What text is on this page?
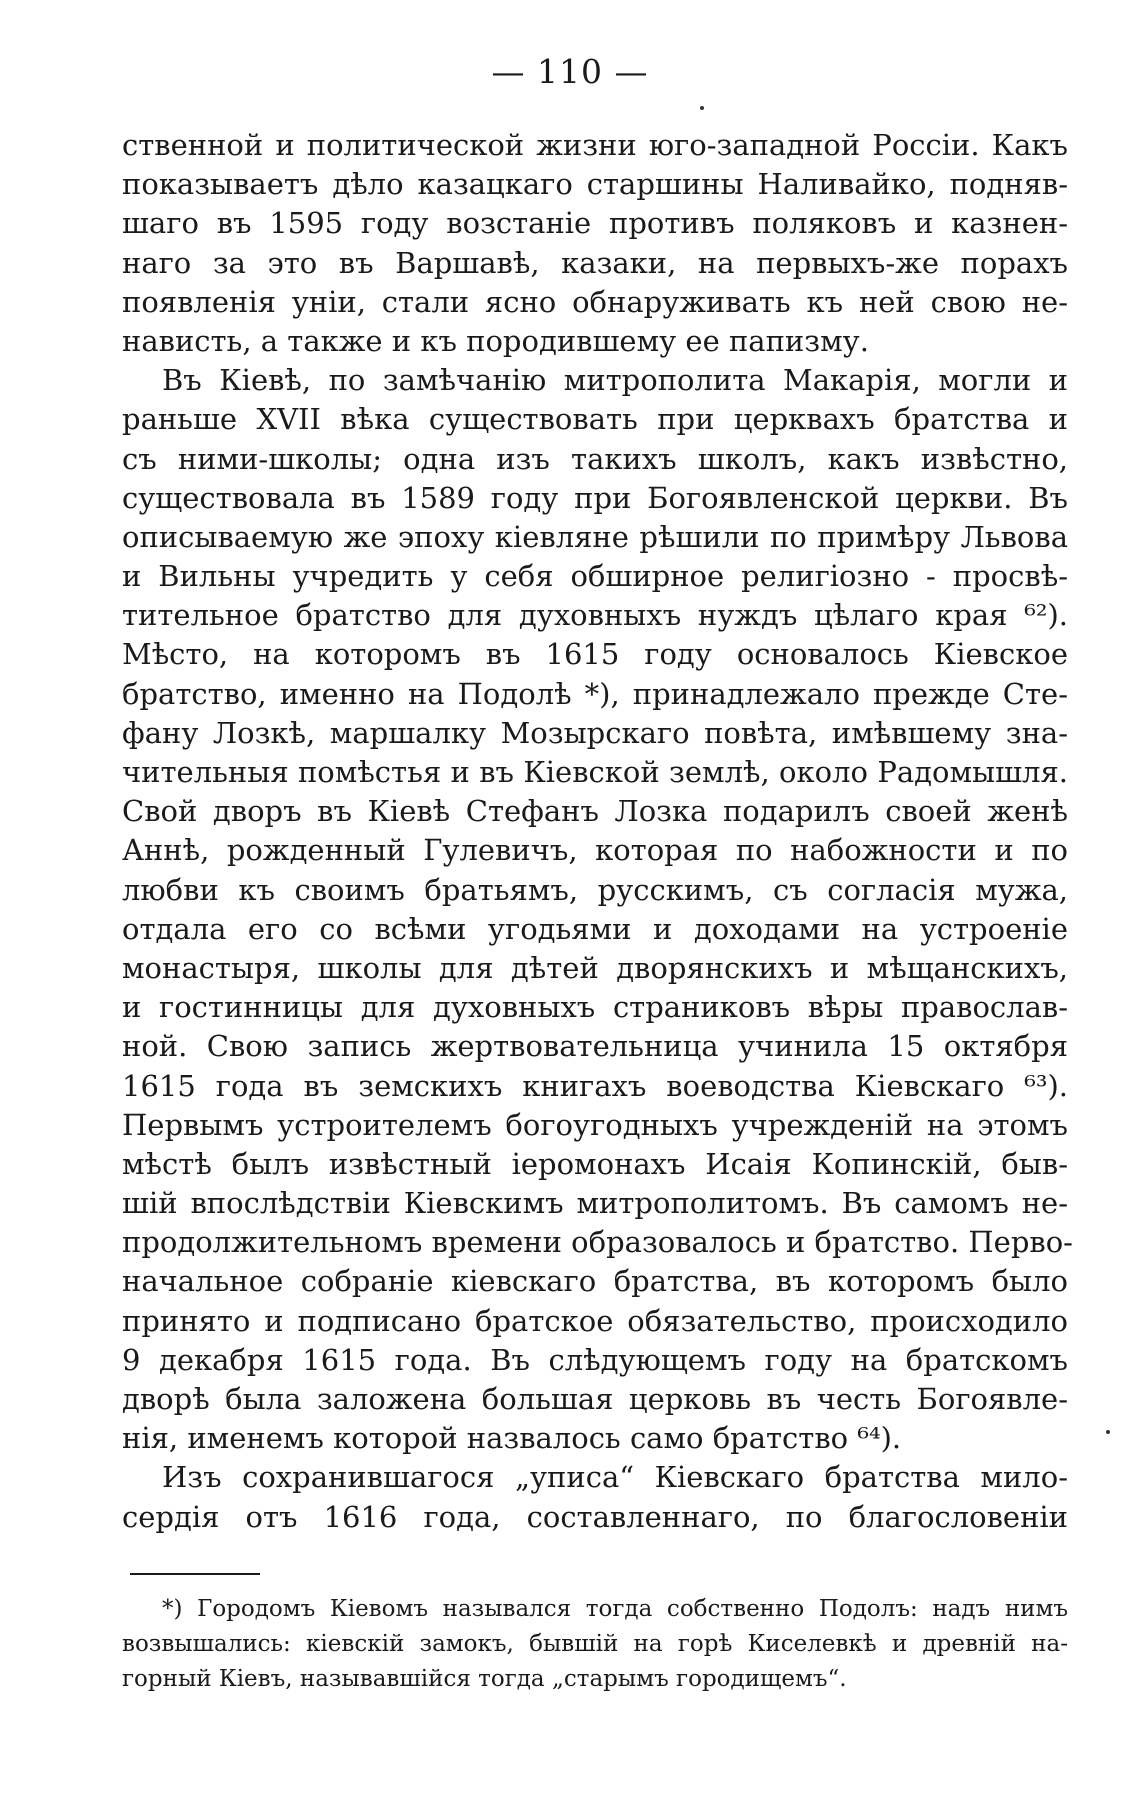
— 110 —
ственной и политической жизни юго-западной Россіи. Какъ
показываетъ дѣло казацкаго старшины Наливайко, подняв-
шаго въ 1595 году возстаніе противъ поляковъ и казнен-
наго за это въ Варшавѣ, казаки, на первыхъ-же порахъ
появленія уніи, стали ясно обнаруживать къ ней свою не-
нависть, а также и къ породившему ее папизму.
Въ Кіевѣ, по замѣчанію митрополита Макарія, могли и
раньше XVII вѣка существовать при церквахъ братства и
съ ними-школы; одна изъ такихъ школъ, какъ извѣстно,
существовала въ 1589 году при Богоявленской церкви. Въ
описываемую же эпоху кіевляне рѣшили по примѣру Львова
и Вильны учредить у себя обширное религіозно - просвѣ-
тительное братство для духовныхъ нуждъ цѣлаго края ⁶²).
Мѣсто, на которомъ въ 1615 году основалось Кіевское
братство, именно на Подолѣ *), принадлежало прежде Сте-
фану Лозкѣ, маршалку Мозырскаго повѣта, имѣвшему зна-
чительныя помѣстья и въ Кіевской землѣ, около Радомышля.
Свой дворъ въ Кіевѣ Стефанъ Лозка подарилъ своей женѣ
Аннѣ, рожденный Гулевичъ, которая по набожности и по
любви къ своимъ братьямъ, русскимъ, съ согласія мужа,
отдала его со всѣми угодьями и доходами на устроеніе
монастыря, школы для дѣтей дворянскихъ и мѣщанскихъ,
и гостинницы для духовныхъ страниковъ вѣры православ-
ной. Свою запись жертвовательница учинила 15 октября
1615 года въ земскихъ книгахъ воеводства Кіевскаго ⁶³).
Первымъ устроителемъ богоугодныхъ учрежденій на этомъ
мѣстѣ былъ извѣстный іеромонахъ Исаія Копинскій, быв-
шій впослѣдствіи Кіевскимъ митрополитомъ. Въ самомъ не-
продолжительномъ времени образовалось и братство. Перво-
начальное собраніе кіевскаго братства, въ которомъ было
принято и подписано братское обязательство, происходило
9 декабря 1615 года. Въ слѣдующемъ году на братскомъ
дворѣ была заложена большая церковь въ честь Богоявле-
нія, именемъ которой назвалось само братство ⁶⁴).
Изъ сохранившагося „уписа“ Кіевскаго братства мило-
сердія отъ 1616 года, составленнаго, по благословеніи
*) Городомъ Кіевомъ назывался тогда собственно Подолъ: надъ нимъ
возвышались: кіевскій замокъ, бывшій на горѣ Киселевкѣ и древній на-
горный Кіевъ, называвшійся тогда „старымъ городищемъ“.
